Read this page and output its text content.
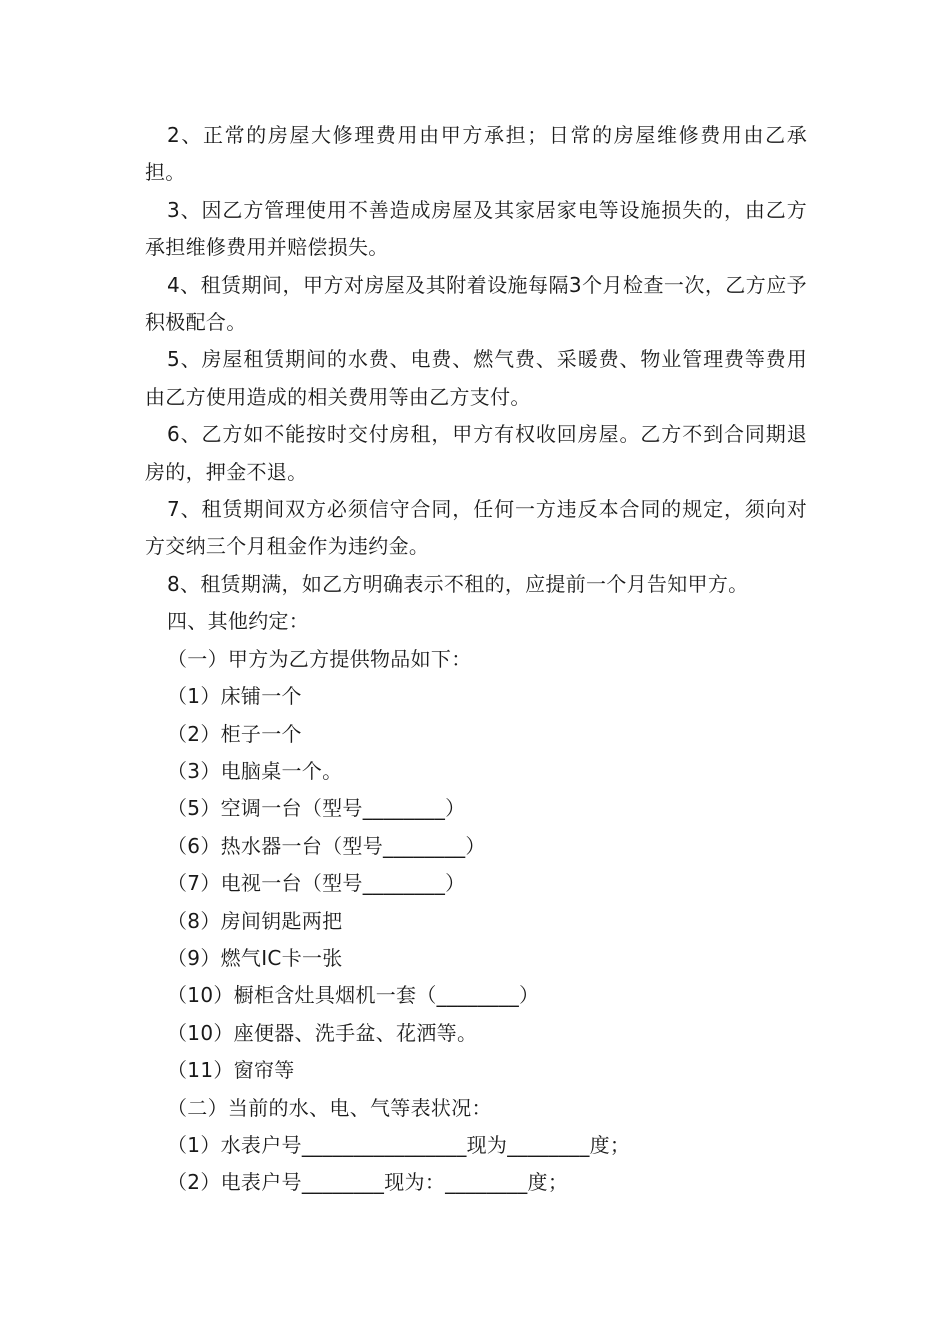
2、正常的房屋大修理费用由甲方承担；日常的房屋维修费用由乙承担。

3、因乙方管理使用不善造成房屋及其家居家电等设施损失的，由乙方承担维修费用并赔偿损失。

4、租赁期间，甲方对房屋及其附着设施每隔3个月检查一次，乙方应予积极配合。

5、房屋租赁期间的水费、电费、燃气费、采暖费、物业管理费等费用由乙方使用造成的相关费用等由乙方支付。

6、乙方如不能按时交付房租，甲方有权收回房屋。乙方不到合同期退房的，押金不退。

7、租赁期间双方必须信守合同，任何一方违反本合同的规定，须向对方交纳三个月租金作为违约金。

8、租赁期满，如乙方明确表示不租的，应提前一个月告知甲方。

四、其他约定：

（一）甲方为乙方提供物品如下：

（1）床铺一个

（2）柜子一个

（3）电脑桌一个。

（5）空调一台（型号________）

（6）热水器一台（型号________）

（7）电视一台（型号________）

（8）房间钥匙两把

（9）燃气IC卡一张

（10）橱柜含灶具烟机一套（________）

（10）座便器、洗手盆、花洒等。

（11）窗帘等

（二）当前的水、电、气等表状况：

（1）水表户号________________现为________度；

（2）电表户号________现为：________度；
